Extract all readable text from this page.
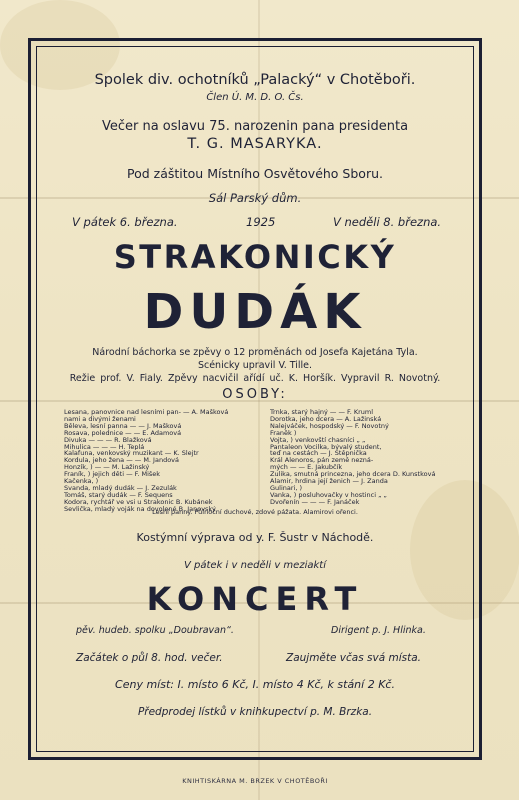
Spolek div. ochotníků „Palacký“ v Chotěboři.
Člen Ú. M. D. O. Čs.
Večer na oslavu 75. narozenin pana presidenta
T. G. MASARYKA.
Pod záštitou Místního Osvětového Sboru.
Sál Parský dům.
V pátek 6. března.	1925	V neděli 8. března.
STRAKONICKÝ
DUDÁK
Národní báchorka se zpěvy o 12 proměnách od Josefa Kajetána Tyla.
Scénicky upravil V. Tille.
Režie prof. V. Fialy. Zpěvy nacvičil ařídí uč. K. Horšík. Vypravil R. Novotný.
OSOBY:
Lesana, panovnice nad lesními pan- — A. Mašková
nami a divými ženami
Běleva, lesní panna — — J. Mašková
Rosava, polednice — — E. Adamová
Divuka — — — R. Blažková
Mihulica — — — H. Teplá
Kalafuna, venkovský muzikant — K. Šlejtr
Kordula, jeho žena — — M. Jandová
Honzík, ) — — M. Lažinský
Franík, ) jejich děti — F. Mišek
Kačenka, )
Švanda, mladý dudák — J. Zezulák
Tomáš, starý dudák — F. Sequens
Kodora, rychtář ve vsi u Strakonic B. Kubánek
Ševlička, mladý voják na dovolené B. Janovský
Trnka, starý hajný — — F. Kruml
Dorotka, jeho dcera — A. Lažinská
Nalejváček, hospodský — F. Novotný
Franěk )
Vojta, ) venkovští chasníci „ „
Pantaleon Vocilka, bývalý student,
teď na cestách — J. Štěpnička
Král Alenoros, pán země nezná-
mých — — E. Jakubčík
Zulika, smutná princezna, jeho dcera D. Kunstková
Alamir, hrdina její ženich — J. Zanda
Gulinari, )
Vanka, ) posluhovačky v hostinci „ „
Dvořenín — — — F. Janáček
Lesní panny. Půlnoční duchové, zdové pážata. Alamirovi ořenci.
Kostýmní výprava od y. F. Šustr v Náchodě.
V pátek i v neděli v meziaktí
KONCERT
pěv. hudeb. spolku „Doubravan“.	Dirigent p. J. Hlinka.
Začátek o půl 8. hod. večer.	Zaujměte včas svá místa.
Ceny míst: I. místo 6 Kč, I. místo 4 Kč, k stání 2 Kč.
Předprodej lístků v knihkupectví p. M. Brzka.
KNIHTISKÁRNA M. BRZEK V CHOTĚBOŘI
